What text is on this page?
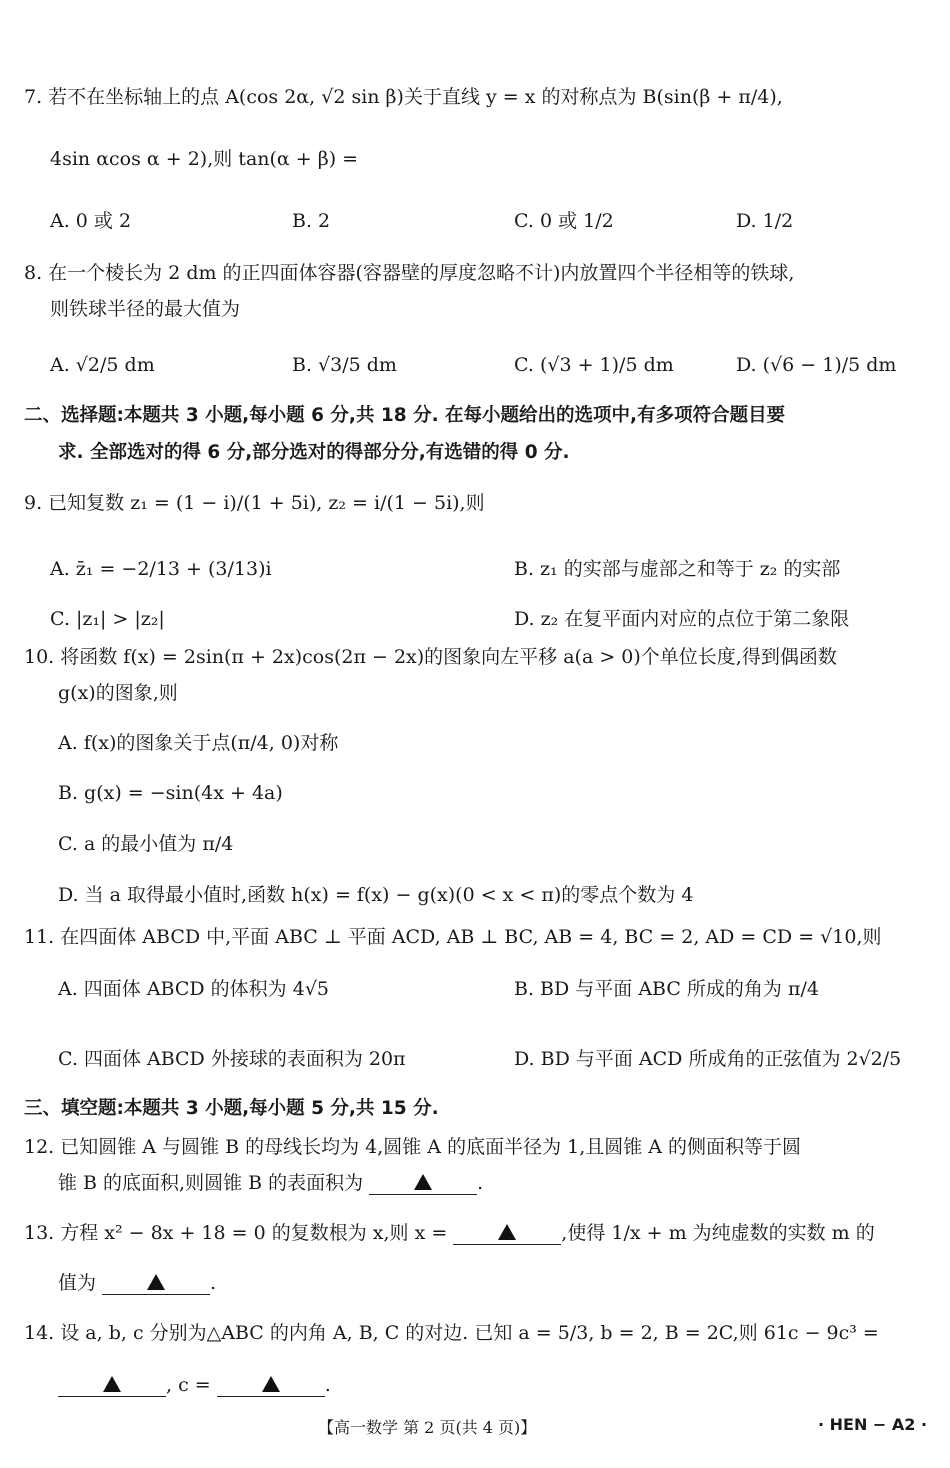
7. 若不在坐标轴上的点 A(cos 2α, √2 sin β)关于直线 y = x 的对称点为 B(sin(β + π/4),
4sin αcos α + 2),则 tan(α + β) =
A. 0 或 2	B. 2	C. 0 或 1/2	D. 1/2
8. 在一个棱长为 2 dm 的正四面体容器(容器壁的厚度忽略不计)内放置四个半径相等的铁球,
则铁球半径的最大值为
A. √2/5 dm	B. √3/5 dm	C. (√3 + 1)/5 dm	D. (√6 − 1)/5 dm
二、选择题:本题共 3 小题,每小题 6 分,共 18 分. 在每小题给出的选项中,有多项符合题目要
求. 全部选对的得 6 分,部分选对的得部分分,有选错的得 0 分.
9. 已知复数 z₁ = (1 − i)/(1 + 5i), z₂ = i/(1 − 5i),则
A. z̄₁ = −2/13 + (3/13)i	B. z₁ 的实部与虚部之和等于 z₂ 的实部
C. |z₁| > |z₂|	D. z₂ 在复平面内对应的点位于第二象限
10. 将函数 f(x) = 2sin(π + 2x)cos(2π − 2x)的图象向左平移 a(a > 0)个单位长度,得到偶函数
g(x)的图象,则
A. f(x)的图象关于点(π/4, 0)对称
B. g(x) = −sin(4x + 4a)
C. a 的最小值为 π/4
D. 当 a 取得最小值时,函数 h(x) = f(x) − g(x)(0 < x < π)的零点个数为 4
11. 在四面体 ABCD 中,平面 ABC ⊥ 平面 ACD, AB ⊥ BC, AB = 4, BC = 2, AD = CD = √10,则
A. 四面体 ABCD 的体积为 4√5	B. BD 与平面 ABC 所成的角为 π/4
C. 四面体 ABCD 外接球的表面积为 20π	D. BD 与平面 ACD 所成角的正弦值为 2√2/5
三、填空题:本题共 3 小题,每小题 5 分,共 15 分.
12. 已知圆锥 A 与圆锥 B 的母线长均为 4,圆锥 A 的底面半径为 1,且圆锥 A 的侧面积等于圆
锥 B 的底面积,则圆锥 B 的表面积为	.
13. 方程 x² − 8x + 18 = 0 的复数根为 x,则 x =	,使得 1/x + m 为纯虚数的实数 m 的
值为	.
14. 设 a, b, c 分别为△ABC 的内角 A, B, C 的对边. 已知 a = 5/3, b = 2, B = 2C,则 61c − 9c³ =
, c =	.
【高一数学 第 2 页(共 4 页)】	· HEN − A2 ·
